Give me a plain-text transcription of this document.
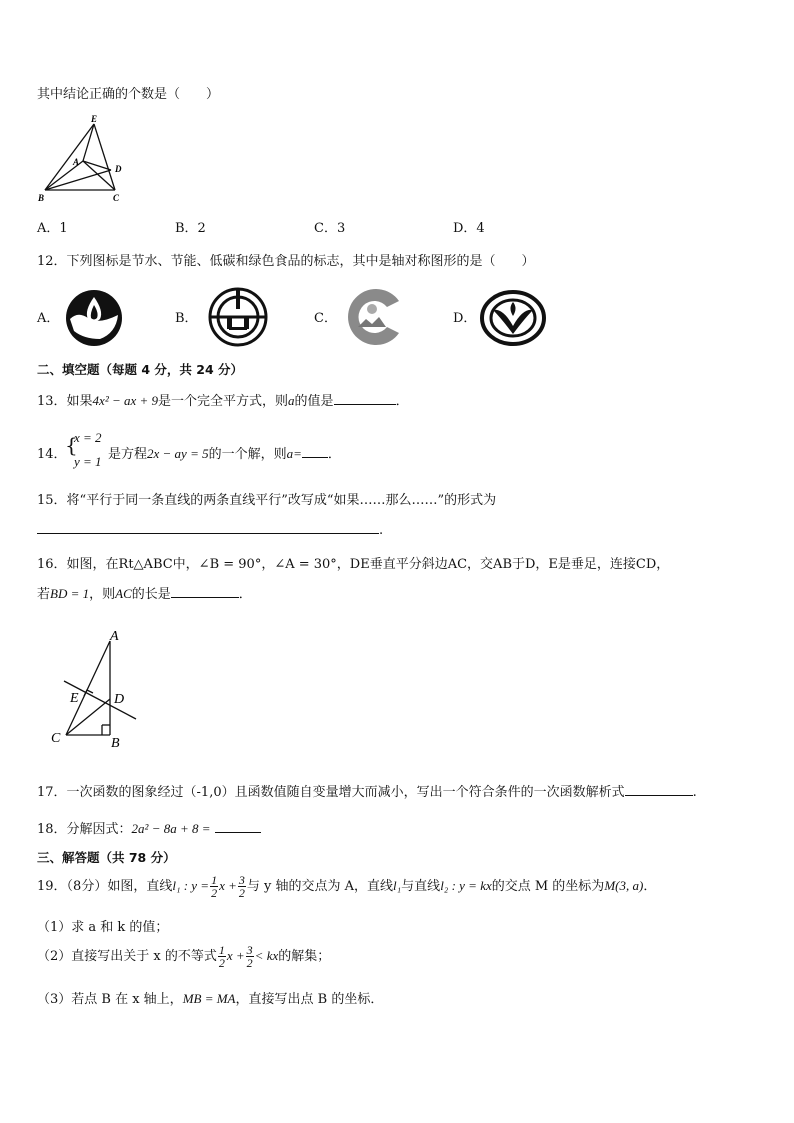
其中结论正确的个数是（　　）
E
A
D
B	C
A．1	B．2	C．3	D．4
12．下列图标是节水、节能、低碳和绿色食品的标志，其中是轴对称图形的是（　　）
A．	B．	C．	D．
二、填空题（每题 4 分，共 24 分）
13．如果4x² − ax + 9是一个完全平方式，则a的值是	．
14．
{
x = 2
y = 1 是方程2x − ay = 5的一个解，则a= ．
15．将“平行于同一条直线的两条直线平行”改写成“如果……那么……”的形式为
.
16．如图，在Rt△ABC中，∠B = 90°，∠A = 30°，DE垂直平分斜边AC，交AB于D，E是垂足，连接CD，
若BD = 1，则AC的长是	．
A
E	D
C	B
17．一次函数的图象经过（-1,0）且函数值随自变量增大而减小，写出一个符合条件的一次函数解析式	.
18．分解因式：2a² − 8a + 8 =
三、解答题（共 78 分）
19．（8分）如图，直线l₁ : $y = \frac{1}{2}$ $x + \frac{3}{2}$ 与 y 轴的交点为 A，直线l₁与直线l₂ : y = kx的交点 M 的坐标为M(3, a)．
（1）求 a 和 k 的值；
（2）直接写出关于 x 的不等式 $\frac{1}{2}$ $x + \frac{3}{2}$ < kx的解集；
（3）若点 B 在 x 轴上，MB = MA，直接写出点 B 的坐标．
